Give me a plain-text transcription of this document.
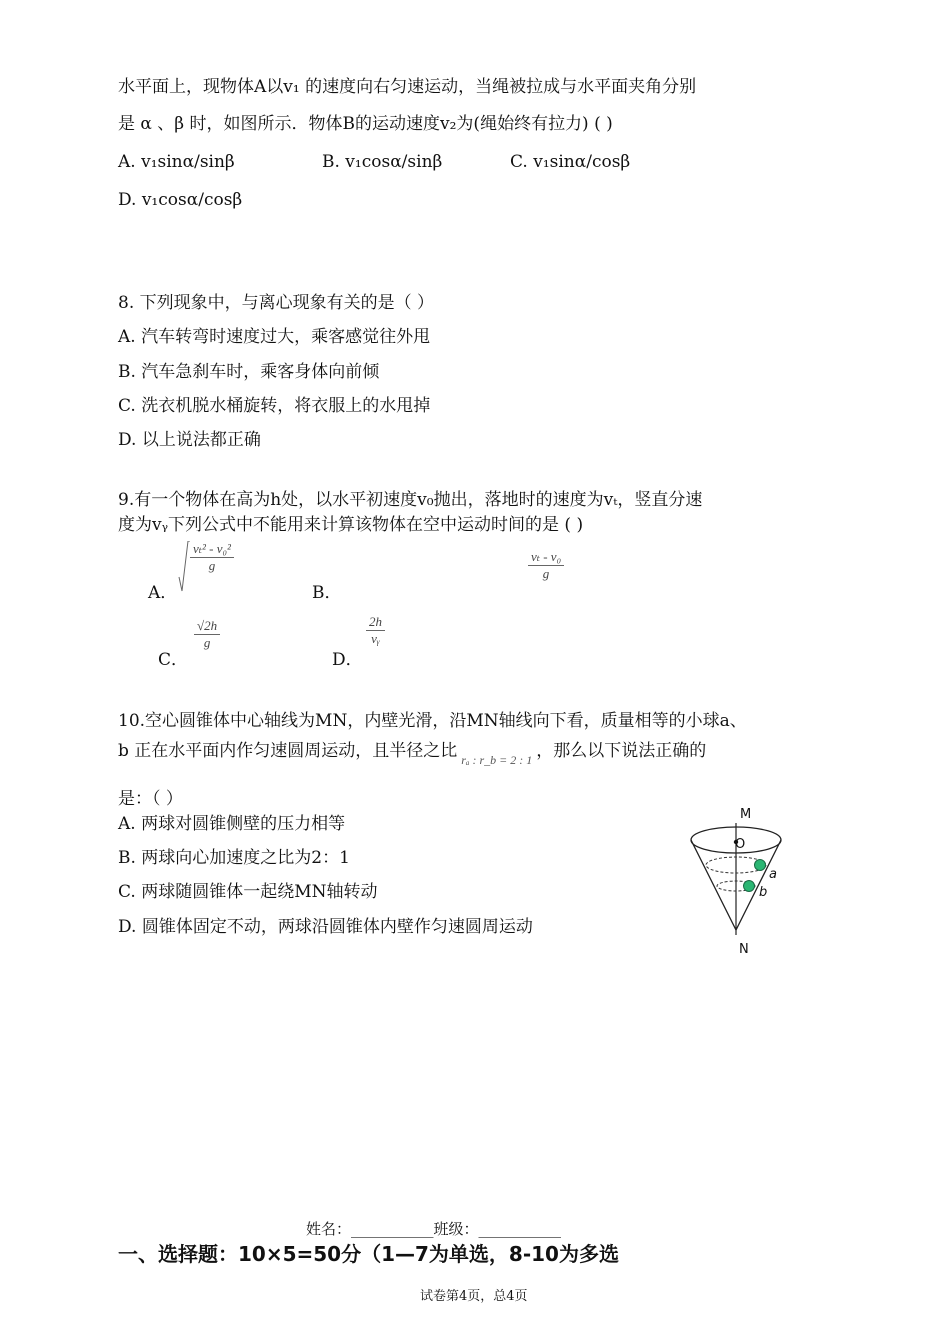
水平面上，现物体A以v₁ 的速度向右匀速运动，当绳被拉成与水平面夹角分别
是 α 、β 时，如图所示．物体B的运动速度v₂为(绳始终有拉力) ( )
A. v₁sinα/sinβ	B. v₁cosα/sinβ	C. v₁sinα/cosβ
D. v₁cosα/cosβ
8. 下列现象中，与离心现象有关的是（ ）
A. 汽车转弯时速度过大，乘客感觉往外甩
B. 汽车急刹车时，乘客身体向前倾
C. 洗衣机脱水桶旋转，将衣服上的水甩掉
D. 以上说法都正确
9.有一个物体在高为h处，以水平初速度v₀抛出，落地时的速度为vₜ，竖直分速
度为vᵧ下列公式中不能用来计算该物体在空中运动时间的是 ( )
A．
$\frac{\text{vₜ² - v₀²}}{g}$
B．
$\frac{\text{vₜ - v₀}}{g}$
C．
$\frac{√2h}{g}$
D．
$\frac{2h}{\text{vᵧ}}$
10.空心圆锥体中心轴线为MN，内壁光滑，沿MN轴线向下看，质量相等的小球a、
b 正在水平面内作匀速圆周运动，且半径之比 $_{r_a : r\_b = 2 : 1}$ ，那么以下说法正确的
是：（ ）
A. 两球对圆锥侧壁的压力相等
B. 两球向心加速度之比为2：1
C. 两球随圆锥体一起绕MN轴转动
D. 圆锥体固定不动，两球沿圆锥体内壁作匀速圆周运动
M
O
a
b
N
姓名：___________班级：___________
一、选择题：10×5=50分（1—7为单选，8-10为多选
试卷第4页，总4页
